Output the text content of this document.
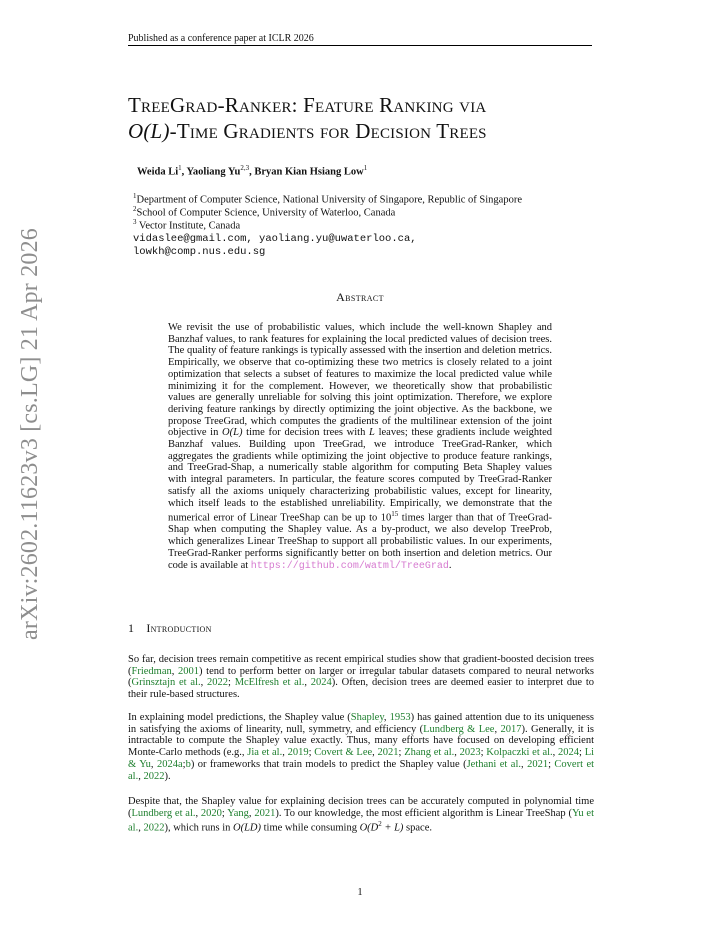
Published as a conference paper at ICLR 2026
arXiv:2602.11623v3 [cs.LG] 21 Apr 2026
TreeGrad-Ranker: Feature Ranking via
O(L)-Time Gradients for Decision Trees
Weida Li$^1$, Yaoliang Yu$^{2,3}$, Bryan Kian Hsiang Low$^1$
$^1$Department of Computer Science, National University of Singapore, Republic of Singapore
$^2$School of Computer Science, University of Waterloo, Canada
$^3$ Vector Institute, Canada
vidaslee@gmail.com, yaoliang.yu@uwaterloo.ca,
lowkh@comp.nus.edu.sg
Abstract
We revisit the use of probabilistic values, which include the well-known Shapley and Banzhaf values, to rank features for explaining the local predicted values of decision trees. The quality of feature rankings is typically assessed with the insertion and deletion metrics. Empirically, we observe that co-optimizing these two metrics is closely related to a joint optimization that selects a subset of features to maximize the local predicted value while minimizing it for the complement. However, we theoretically show that probabilistic values are generally unreliable for solving this joint optimization. Therefore, we explore deriving feature rankings by directly optimizing the joint objective. As the backbone, we propose TreeGrad, which computes the gradients of the multilinear extension of the joint objective in O(L) time for decision trees with L leaves; these gradients include weighted Banzhaf values. Building upon TreeGrad, we introduce TreeGrad-Ranker, which aggregates the gradients while optimizing the joint objective to produce feature rankings, and TreeGrad-Shap, a numerically stable algorithm for computing Beta Shapley values with integral parameters. In particular, the feature scores computed by TreeGrad-Ranker satisfy all the axioms uniquely characterizing probabilistic values, except for linearity, which itself leads to the established unreliability. Empirically, we demonstrate that the numerical error of Linear TreeShap can be up to $10^{15}$ times larger than that of TreeGrad-Shap when computing the Shapley value. As a by-product, we also develop TreeProb, which generalizes Linear TreeShap to support all probabilistic values. In our experiments, TreeGrad-Ranker performs significantly better on both insertion and deletion metrics. Our code is available at https://github.com/watml/TreeGrad.
1 Introduction
So far, decision trees remain competitive as recent empirical studies show that gradient-boosted decision trees (Friedman, 2001) tend to perform better on larger or irregular tabular datasets compared to neural networks (Grinsztajn et al., 2022; McElfresh et al., 2024). Often, decision trees are deemed easier to interpret due to their rule-based structures.
In explaining model predictions, the Shapley value (Shapley, 1953) has gained attention due to its uniqueness in satisfying the axioms of linearity, null, symmetry, and efficiency (Lundberg & Lee, 2017). Generally, it is intractable to compute the Shapley value exactly. Thus, many efforts have focused on developing efficient Monte-Carlo methods (e.g., Jia et al., 2019; Covert & Lee, 2021; Zhang et al., 2023; Kolpaczki et al., 2024; Li & Yu, 2024a;b) or frameworks that train models to predict the Shapley value (Jethani et al., 2021; Covert et al., 2022).
Despite that, the Shapley value for explaining decision trees can be accurately computed in polynomial time (Lundberg et al., 2020; Yang, 2021). To our knowledge, the most efficient algorithm is Linear TreeShap (Yu et al., 2022), which runs in O(LD) time while consuming $O(D^2 + L)$ space.
1
